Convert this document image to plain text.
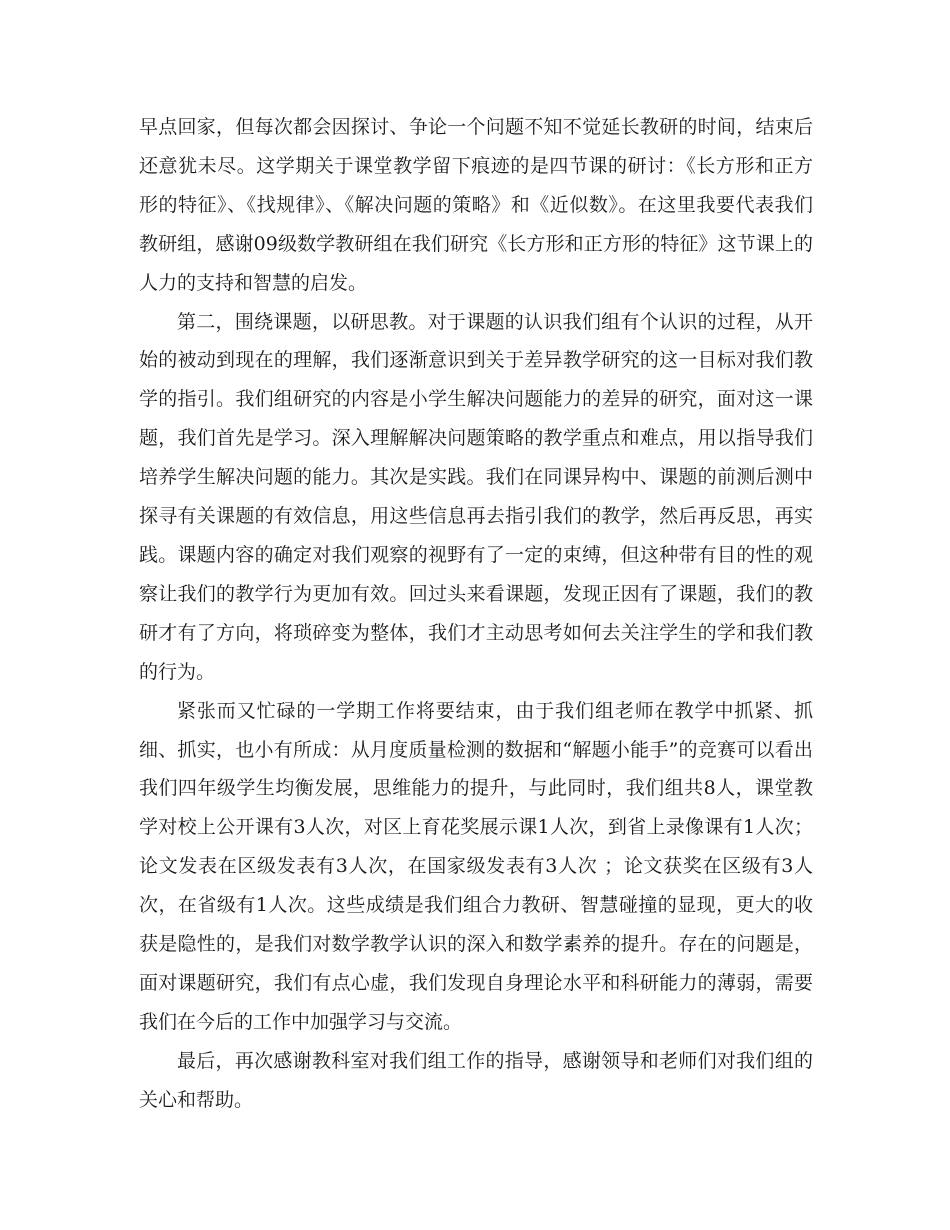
早点回家，但每次都会因探讨、争论一个问题不知不觉延长教研的时间，结束后还意犹未尽。这学期关于课堂教学留下痕迹的是四节课的研讨：《长方形和正方形的特征》、《找规律》、《解决问题的策略》和《近似数》。在这里我要代表我们教研组，感谢09级数学教研组在我们研究《长方形和正方形的特征》这节课上的人力的支持和智慧的启发。

第二，围绕课题，以研思教。对于课题的认识我们组有个认识的过程，从开始的被动到现在的理解，我们逐渐意识到关于差异教学研究的这一目标对我们教学的指引。我们组研究的内容是小学生解决问题能力的差异的研究，面对这一课题，我们首先是学习。深入理解解决问题策略的教学重点和难点，用以指导我们培养学生解决问题的能力。其次是实践。我们在同课异构中、课题的前测后测中探寻有关课题的有效信息，用这些信息再去指引我们的教学，然后再反思，再实践。课题内容的确定对我们观察的视野有了一定的束缚，但这种带有目的性的观察让我们的教学行为更加有效。回过头来看课题，发现正因有了课题，我们的教研才有了方向，将琐碎变为整体，我们才主动思考如何去关注学生的学和我们教的行为。

紧张而又忙碌的一学期工作将要结束，由于我们组老师在教学中抓紧、抓细、抓实，也小有所成：从月度质量检测的数据和“解题小能手”的竞赛可以看出我们四年级学生均衡发展，思维能力的提升，与此同时，我们组共8人，课堂教学对校上公开课有3人次，对区上育花奖展示课1人次，到省上录像课有1人次；论文发表在区级发表有3人次，在国家级发表有3人次 ；论文获奖在区级有3人次，在省级有1人次。这些成绩是我们组合力教研、智慧碰撞的显现，更大的收获是隐性的，是我们对数学教学认识的深入和数学素养的提升。存在的问题是，面对课题研究，我们有点心虚，我们发现自身理论水平和科研能力的薄弱，需要我们在今后的工作中加强学习与交流。

最后，再次感谢教科室对我们组工作的指导，感谢领导和老师们对我们组的关心和帮助。
